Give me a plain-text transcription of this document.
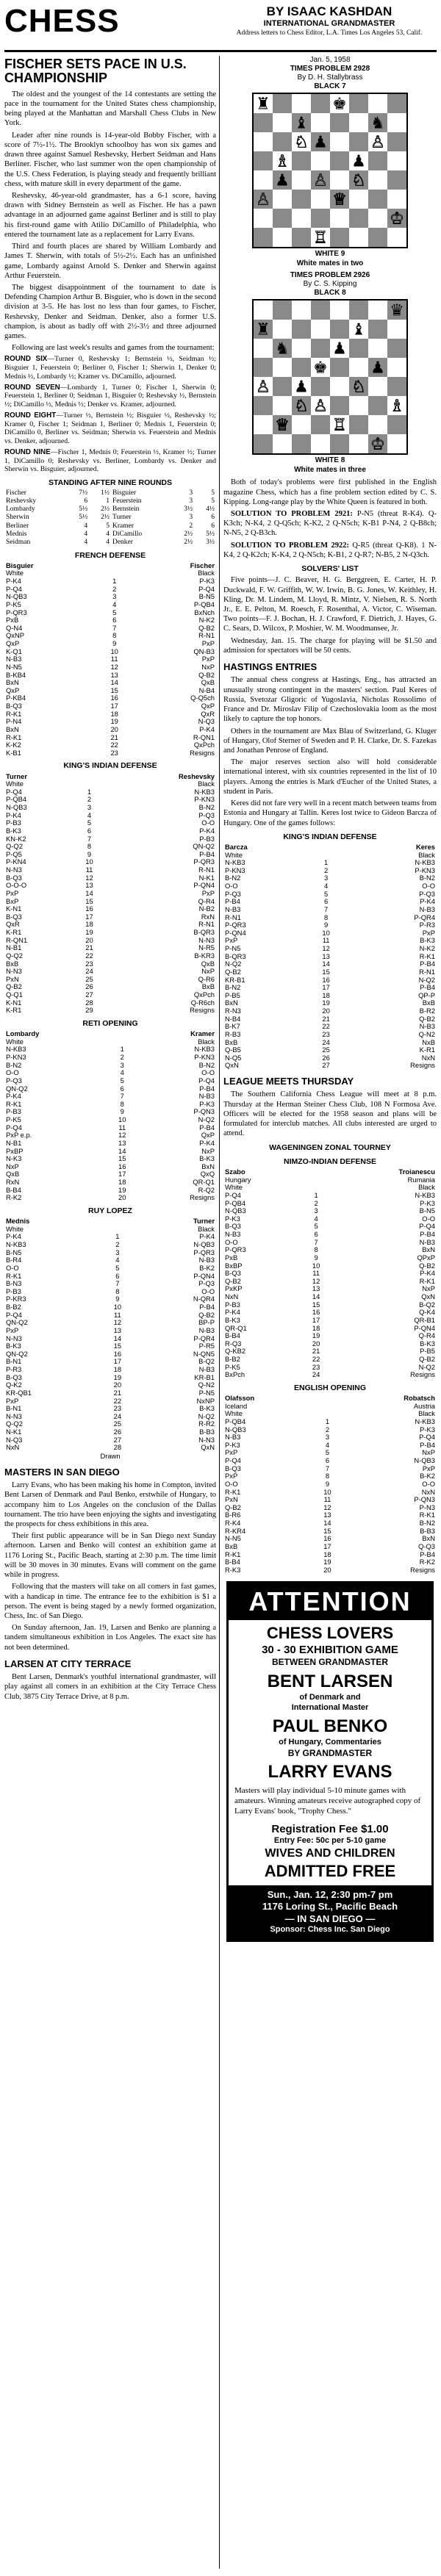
CHESS	BY ISAAC KASHDAN
INTERNATIONAL GRANDMASTER
Address letters to Chess Editor, L.A. Times Los Angeles 53, Calif.
FISCHER SETS PACE IN U.S. CHAMPIONSHIP

The oldest and the youngest of the 14 contestants are setting the pace in the tournament for the United States chess championship, being played at the Manhattan and Marshall Chess Clubs in New York.

Leader after nine rounds is 14-year-old Bobby Fischer, with a score of 7½-1½. The Brooklyn schoolboy has won six games and drawn three against Samuel Reshevsky, Herbert Seidman and Hans Berliner. Fischer, who last summer won the open championship of the U.S. Chess Federation, is playing steady and frequently brilliant chess, with mature skill in every department of the game.

Reshevsky, 46-year-old grandmaster, has a 6-1 score, having drawn with Sidney Bernstein as well as Fischer. He has a pawn advantage in an adjourned game against Berliner and is still to play his first-round game with Atilio DiCamillo of Philadelphia, who entered the tournament late as a replacement for Larry Evans.

Third and fourth places are shared by William Lombardy and James T. Sherwin, with totals of 5½-2½. Each has an unfinished game, Lombardy against Arnold S. Denker and Sherwin against Arthur Feuerstein.

The biggest disappointment of the tournament to date is Defending Champion Arthur B. Bisguier, who is down in the second division at 3-5. He has lost no less than four games, to Fischer, Reshevsky, Denker and Seidman. Denker, also a former U.S. champion, is about as badly off with 2½-3½ and three adjourned games.

Following are last week's results and games from the tournament:

ROUND SIX—Turner 0, Reshevsky 1; Bernstein ½, Seidman ½; Bisguier 1, Feuerstein 0; Berliner 0, Fischer 1; Sherwin 1, Denker 0; Mednis ½, Lombardy ½; Kramer vs. DiCamillo, adjourned.

ROUND SEVEN—Lombardy 1, Turner 0; Fischer 1, Sherwin 0; Feuerstein 1, Berliner 0; Seidman 1, Bisguier 0; Reshevsky ½, Bernstein ½; DiCamillo ½, Mednis ½; Denker vs. Kramer, adjourned.

ROUND EIGHT—Turner ½, Bernstein ½; Bisguier ½, Reshevsky ½; Kramer 0, Fischer 1; Seidman 1, Berliner 0; Mednis 1, Feuerstein 0; DiCamillo 0, Berliner vs. Seidman; Sherwin vs. Feuerstein and Mednis vs. Denker, adjourned.

ROUND NINE—Fischer 1, Mednis 0; Feuerstein ½, Kramer ½; Turner 1, DiCamillo 0; Reshevsky vs. Berliner, Lombardy vs. Denker and Sherwin vs. Bisguier, adjourned.

STANDING AFTER NINE ROUNDS
Fischer	7½	1½	Bisguier	3	5
Reshevsky	6	1	Feuerstein	3	5
Lombardy	5½	2½	Bernstein	3½	4½
Sherwin	5½	2½	Turner	3	6
Berliner	4	5	Kramer	2	6
Mednis	4	4	DiCamillo	2½	5½
Seidman	4	4	Denker	2½	3½
FRENCH DEFENSE
Bisguier		Fischer
White		Black
P-K4	1	P-K3
P-Q4	2	P-Q4
N-QB3	3	B-N5
P-K5	4	P-QB4
P-QR3	5	BxNch
PxB	6	N-K2
Q-N4	7	Q-B2
QxNP	8	R-N1
QxP	9	PxP
K-Q1	10	QN-B3
N-B3	11	PxP
N-N5	12	NxP
B-KB4	13	Q-B2
BxN	14	QxB
QxP	15	N-B4
P-KB4	16	Q-Q5ch
B-Q3	17	QxP
R-K1	18	QxR
P-N4	19	N-Q3
BxN	20	P-K4
R-K1	21	R-QN1
K-K2	22	QxPch
K-B1	23	Resigns
KING'S INDIAN DEFENSE
Turner		Reshevsky
White		Black
P-Q4	1	N-KB3
P-QB4	2	P-KN3
N-QB3	3	B-N2
P-K4	4	P-Q3
P-B3	5	O-O
B-K3	6	P-K4
KN-K2	7	P-B3
Q-Q2	8	QN-Q2
P-Q5	9	P-B4
P-KN4	10	P-QR3
N-N3	11	R-N1
B-Q3	12	N-K1
O-O-O	13	P-QN4
PxP	14	PxP
BxP	15	Q-R4
K-N1	16	N-B2
B-Q3	17	RxN
QxR	18	R-N1
K-R1	19	B-QR3
R-QN1	20	N-N3
N-B1	21	N-R5
Q-Q2	22	B-KR3
BxB	23	QxB
N-N3	24	NxP
PxN	25	Q-R6
Q-B2	26	BxB
Q-Q1	27	QxPch
K-N1	28	Q-R6ch
K-R1	29	Resigns
RETI OPENING
Lombardy		Kramer
White		Black
N-KB3	1	N-KB3
P-KN3	2	P-KN3
B-N2	3	B-N2
O-O	4	O-O
P-Q3	5	P-Q4
QN-Q2	6	P-B4
P-K4	7	N-B3
R-K1	8	P-K3
P-B3	9	P-QN3
P-K5	10	N-Q2
P-Q4	11	P-B4
PxP e.p.	12	QxP
N-B1	13	P-K4
PxBP	14	NxP
N-K3	15	B-K3
NxP	16	BxN
QxB	17	QxQ
RxN	18	QR-Q1
B-B4	19	R-Q2
R-K2	20	Resigns
RUY LOPEZ
Mednis		Turner
White		Black
P-K4	1	P-K4
N-KB3	2	N-QB3
B-N5	3	P-QR3
B-R4	4	N-B3
O-O	5	B-K2
R-K1	6	P-QN4
B-N3	7	P-Q3
P-B3	8	O-O
P-KR3	9	N-QR4
B-B2	10	P-B4
P-Q4	11	Q-B2
QN-Q2	12	BP-P
PxP	13	N-B3
N-N3	14	P-QR4
B-K3	15	P-R5
QN-Q2	16	N-QN5
B-N1	17	B-Q2
P-R3	18	N-B3
B-Q3	19	KR-B1
Q-K2	20	Q-N2
KR-QB1	21	P-N5
PxP	22	NxNP
B-N1	23	B-K3
N-N3	24	N-Q2
Q-Q2	25	R-R2
N-K1	26	B-B3
N-Q3	27	N-N3
NxN	28	QxN
Drawn
MASTERS IN SAN DIEGO

Larry Evans, who has been making his home in Compton, invited Bent Larsen of Denmark and Paul Benko, erstwhile of Hungary, to accompany him to Los Angeles on the conclusion of the Dallas tournament. The trio have been enjoying the sights and investigating the prospects for chess exhibitions in this area.

Their first public appearance will be in San Diego next Sunday afternoon. Larsen and Benko will contest an exhibition game at 1176 Loring St., Pacific Beach, starting at 2:30 p.m. The time limit will be 30 moves in 30 minutes. Evans will comment on the game while in progress.

Following that the masters will take on all comers in fast games, with a handicap in time. The entrance fee to the exhibition is $1 a person. The event is being staged by a newly formed organization, Chess, Inc. of San Diego.

On Sunday afternoon, Jan. 19, Larsen and Benko are planning a tandem simultaneous exhibition in Los Angeles. The exact site has not been determined.

LARSEN AT CITY TERRACE

Bent Larsen, Denmark's youthful international grandmaster, will play against all comers in an exhibition at the City Terrace Chess Club, 3875 City Terrace Drive, at 8 p.m.

Jan. 5, 1958
TIMES PROBLEM 2928
By D. H. Stallybrass
BLACK 7
♚
♜
♝	♞
♟
♟
♟
♔
♕
♖
♗
♘
♘	♙
♙
♙
WHITE 9
White mates in two
TIMES PROBLEM 2926
By C. S. Kipping
BLACK 8
♚
♛
♜	♝
♞
♟
♟
♟
♔
♕	♖
♗
♘
♘
♙
♙
WHITE 8
White mates in three

Both of today's problems were first published in the English magazine Chess, which has a fine problem section edited by C. S. Kipping. Long-range play by the White Queen is featured in both.

SOLUTION TO PROBLEM 2921: P-N5 (threat R-K4). Q-K3ch; N-K4, 2 Q-Q5ch; K-K2, 2 Q-N5ch; K-B1 P-N4, 2 Q-B8ch; N-N5, 2 Q-B3ch.

SOLUTION TO PROBLEM 2922: Q-R5 (threat Q-K8). 1 N-K4, 2 Q-K2ch; K-K4, 2 Q-N5ch; K-B1, 2 Q-R7; N-B5, 2 N-Q3ch.

SOLVERS' LIST

Five points—J. C. Beaver, H. G. Berggreen, E. Carter, H. P. Duckwald, F. W. Griffith, W. W. Irwin, B. G. Jones, W. Keithley, H. Kling, Dr. M. Lindem, M. Lloyd, R. Mintz, V. Nielsen, R. S. North Jr., E. E. Pelton, M. Roesch, F. Rosenthal, A. Victor, C. Wiseman. Two points—F. J. Bochan, H. J. Crawford, F. Dietrich, J. Hayes, G. C. Sears, D. Wilcox, P. Moshier, W. M. Woodmansee, Jr.

Wednesday, Jan. 15. The charge for playing will be $1.50 and admission for spectators will be 50 cents.

HASTINGS ENTRIES

The annual chess congress at Hastings, Eng., has attracted an unusually strong contingent in the masters' section. Paul Keres of Russia, Svetozar Gligoric of Yugoslavia, Nicholas Rossolimo of France and Dr. Miroslav Filip of Czechoslovakia loom as the most likely to capture the top honors.

Others in the tournament are Max Blau of Switzerland, G. Kluger of Hungary, Olof Sterner of Sweden and P. H. Clarke, Dr. S. Fazekas and Jonathan Penrose of England.

The major reserves section also will hold considerable international interest, with six countries represented in the list of 10 players. Among the entries is Mark d'Eucher of the United States, a student in Paris.

Keres did not fare very well in a recent match between teams from Estonia and Hungary at Tallin. Keres lost twice to Gideon Barcza of Hungary. One of the games follows:

KING'S INDIAN DEFENSE
Barcza		Keres
White		Black
N-KB3	1	N-KB3
P-KN3	2	P-KN3
B-N2	3	B-N2
O-O	4	O-O
P-Q3	5	P-Q3
P-B4	6	P-K4
N-B3	7	N-B3
R-N1	8	P-QR4
P-QR3	9	P-R3
P-QN4	10	PxP
PxP	11	B-K3
P-N5	12	N-K2
B-QR3	13	R-K1
N-Q2	14	P-B4
Q-B2	15	R-N1
KR-B1	16	N-Q2
B-N2	17	P-B4
P-B5	18	QP-P
BxN	19	BxB
R-N3	20	B-R2
N-B4	21	Q-B2
B-K7	22	N-B3
R-B3	23	Q-N2
BxB	24	NxB
Q-B5	25	K-R1
N-Q5	26	NxN
QxN	27	Resigns
LEAGUE MEETS THURSDAY

The Southern California Chess League will meet at 8 p.m. Thursday at the Herman Steiner Chess Club, 108 N Formosa Ave. Officers will be elected for the 1958 season and plans will be formulated for interclub matches. All clubs interested are urged to attend.

WAGENINGEN ZONAL TOURNEY
NIMZO-INDIAN DEFENSE
Szabo		Troianescu
Hungary		Rumania
White		Black
P-Q4	1	N-KB3
P-QB4	2	P-K3
N-QB3	3	B-N5
P-K3	4	O-O
B-Q3	5	P-Q4
N-B3	6	P-B4
O-O	7	N-B3
P-QR3	8	BxN
PxB	9	QPxP
BxBP	10	Q-B2
B-Q3	11	P-K4
Q-B2	12	R-K1
PxKP	13	NxP
NxN	14	QxN
P-B3	15	B-Q2
P-K4	16	Q-K4
B-K3	17	QR-B1
QR-Q1	18	P-QN4
B-B4	19	Q-R4
R-Q3	20	B-K3
Q-KB2	21	P-B5
B-B2	22	Q-B2
P-K5	23	N-Q2
BxPch	24	Resigns
ENGLISH OPENING
Olafsson		Robatsch
Iceland		Austria
White		Black
P-QB4	1	N-KB3
N-QB3	2	P-K3
N-B3	3	P-Q4
P-K3	4	P-B4
PxP	5	NxP
P-Q4	6	N-QB3
B-Q3	7	PxP
PxP	8	B-K2
O-O	9	O-O
R-K1	10	NxN
PxN	11	P-QN3
Q-B2	12	P-N3
B-R6	13	R-K1
R-K4	14	B-N2
R-KR4	15	B-B3
N-N5	16	BxN
BxB	17	Q-Q3
R-K1	18	P-B4
B-B4	19	R-K2
R-K3	20	Resigns
ATTENTION
CHESS LOVERS
30 - 30 EXHIBITION GAME
BETWEEN GRANDMASTER
BENT LARSEN
of Denmark and
International Master
PAUL BENKO
of Hungary, Commentaries
BY GRANDMASTER
LARRY EVANS
Masters will play individual 5-10 minute games with amateurs. Winning amateurs receive autographed copy of Larry Evans' book, "Trophy Chess."
Registration Fee $1.00
Entry Fee: 50c per 5-10 game
WIVES AND CHILDREN
ADMITTED FREE
Sun., Jan. 12, 2:30 pm-7 pm
1176 Loring St., Pacific Beach
— IN SAN DIEGO —
Sponsor: Chess Inc. San Diego
